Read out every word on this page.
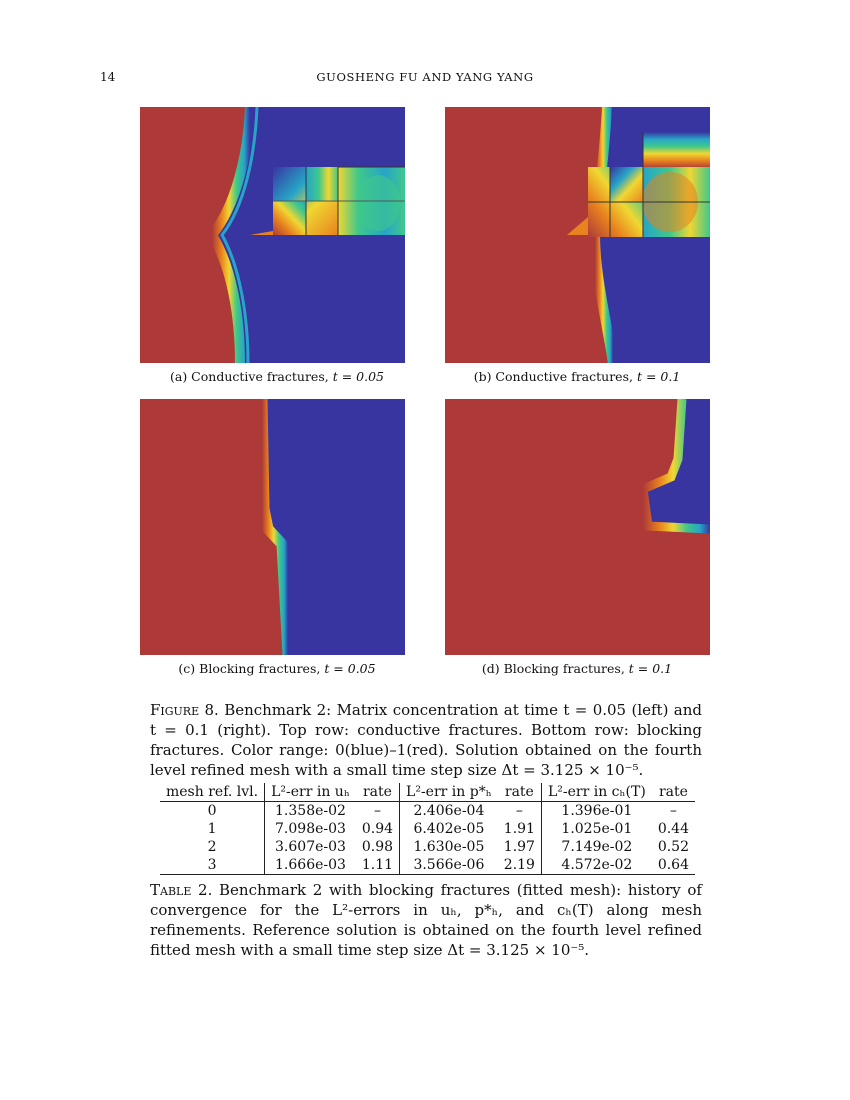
14	GUOSHENG FU AND YANG YANG
(a) Conductive fractures, t = 0.05	(b) Conductive fractures, t = 0.1
(c) Blocking fractures, t = 0.05	(d) Blocking fractures, t = 0.1
Figure 8. Benchmark 2: Matrix concentration at time t = 0.05 (left) and t = 0.1 (right). Top row: conductive fractures. Bottom row: blocking fractures. Color range: 0(blue)–1(red). Solution obtained on the fourth level refined mesh with a small time step size Δt = 3.125 × 10⁻⁵.
mesh ref. lvl.	L²-err in uₕ	rate	L²-err in p*ₕ	rate	L²-err in cₕ(T)	rate
0	1.358e-02	–	2.406e-04	–	1.396e-01	–
1	7.098e-03	0.94	6.402e-05	1.91	1.025e-01	0.44
2	3.607e-03	0.98	1.630e-05	1.97	7.149e-02	0.52
3	1.666e-03	1.11	3.566e-06	2.19	4.572e-02	0.64
Table 2. Benchmark 2 with blocking fractures (fitted mesh): history of convergence for the L²-errors in uₕ, p*ₕ, and cₕ(T) along mesh refinements. Reference solution is obtained on the fourth level refined fitted mesh with a small time step size Δt = 3.125 × 10⁻⁵.
